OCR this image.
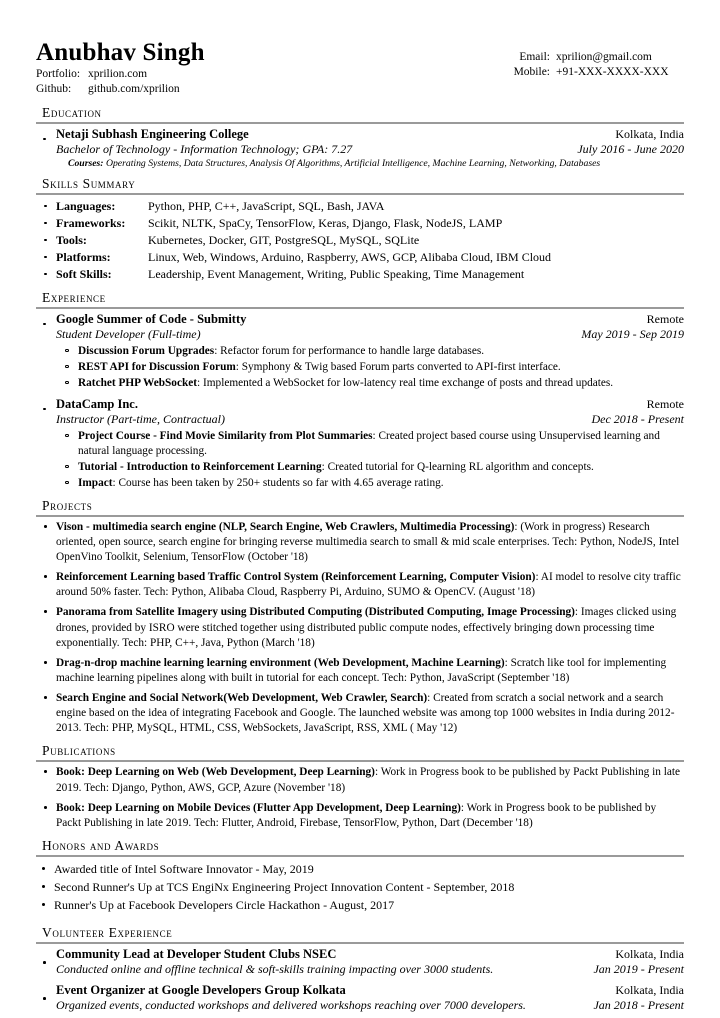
Anubhav Singh
Portfolio: xprilion.com
Github:	github.com/xprilion
Email: xprilion@gmail.com
Mobile: +91-XXX-XXXX-XXX
Education
Netaji Subhash Engineering College	Kolkata, India
Bachelor of Technology - Information Technology; GPA: 7.27	July 2016 - June 2020
Courses: Operating Systems, Data Structures, Analysis Of Algorithms, Artificial Intelligence, Machine Learning, Networking, Databases
Skills Summary
Languages:	Python, PHP, C++, JavaScript, SQL, Bash, JAVA
Frameworks:	Scikit, NLTK, SpaCy, TensorFlow, Keras, Django, Flask, NodeJS, LAMP
Tools:	Kubernetes, Docker, GIT, PostgreSQL, MySQL, SQLite
Platforms:	Linux, Web, Windows, Arduino, Raspberry, AWS, GCP, Alibaba Cloud, IBM Cloud
Soft Skills:	Leadership, Event Management, Writing, Public Speaking, Time Management
Experience
Google Summer of Code - Submitty	Remote
Student Developer (Full-time)	May 2019 - Sep 2019
Discussion Forum Upgrades: Refactor forum for performance to handle large databases.
REST API for Discussion Forum: Symphony & Twig based Forum parts converted to API-first interface.
Ratchet PHP WebSocket: Implemented a WebSocket for low-latency real time exchange of posts and thread updates.
DataCamp Inc.	Remote
Instructor (Part-time, Contractual)	Dec 2018 - Present
Project Course - Find Movie Similarity from Plot Summaries: Created project based course using Unsupervised learning and natural language processing.
Tutorial - Introduction to Reinforcement Learning: Created tutorial for Q-learning RL algorithm and concepts.
Impact: Course has been taken by 250+ students so far with 4.65 average rating.
Projects
Vison - multimedia search engine (NLP, Search Engine, Web Crawlers, Multimedia Processing): (Work in progress) Research oriented, open source, search engine for bringing reverse multimedia search to small & mid scale enterprises. Tech: Python, NodeJS, Intel OpenVino Toolkit, Selenium, TensorFlow (October '18)
Reinforcement Learning based Traffic Control System (Reinforcement Learning, Computer Vision): AI model to resolve city traffic around 50% faster. Tech: Python, Alibaba Cloud, Raspberry Pi, Arduino, SUMO & OpenCV. (August '18)
Panorama from Satellite Imagery using Distributed Computing (Distributed Computing, Image Processing): Images clicked using drones, provided by ISRO were stitched together using distributed public compute nodes, effectively bringing down processing time exponentially. Tech: PHP, C++, Java, Python (March '18)
Drag-n-drop machine learning learning environment (Web Development, Machine Learning): Scratch like tool for implementing machine learning pipelines along with built in tutorial for each concept. Tech: Python, JavaScript (September '18)
Search Engine and Social Network(Web Development, Web Crawler, Search): Created from scratch a social network and a search engine based on the idea of integrating Facebook and Google. The launched website was among top 1000 websites in India during 2012-2013. Tech: PHP, MySQL, HTML, CSS, WebSockets, JavaScript, RSS, XML ( May '12)
Publications
Book: Deep Learning on Web (Web Development, Deep Learning): Work in Progress book to be published by Packt Publishing in late 2019. Tech: Django, Python, AWS, GCP, Azure (November '18)
Book: Deep Learning on Mobile Devices (Flutter App Development, Deep Learning): Work in Progress book to be published by Packt Publishing in late 2019. Tech: Flutter, Android, Firebase, TensorFlow, Python, Dart (December '18)
Honors and Awards
Awarded title of Intel Software Innovator - May, 2019
Second Runner's Up at TCS EngiNx Engineering Project Innovation Content - September, 2018
Runner's Up at Facebook Developers Circle Hackathon - August, 2017
Volunteer Experience
Community Lead at Developer Student Clubs NSEC	Kolkata, India
Conducted online and offline technical & soft-skills training impacting over 3000 students.	Jan 2019 - Present
Event Organizer at Google Developers Group Kolkata	Kolkata, India
Organized events, conducted workshops and delivered workshops reaching over 7000 developers.	Jan 2018 - Present
